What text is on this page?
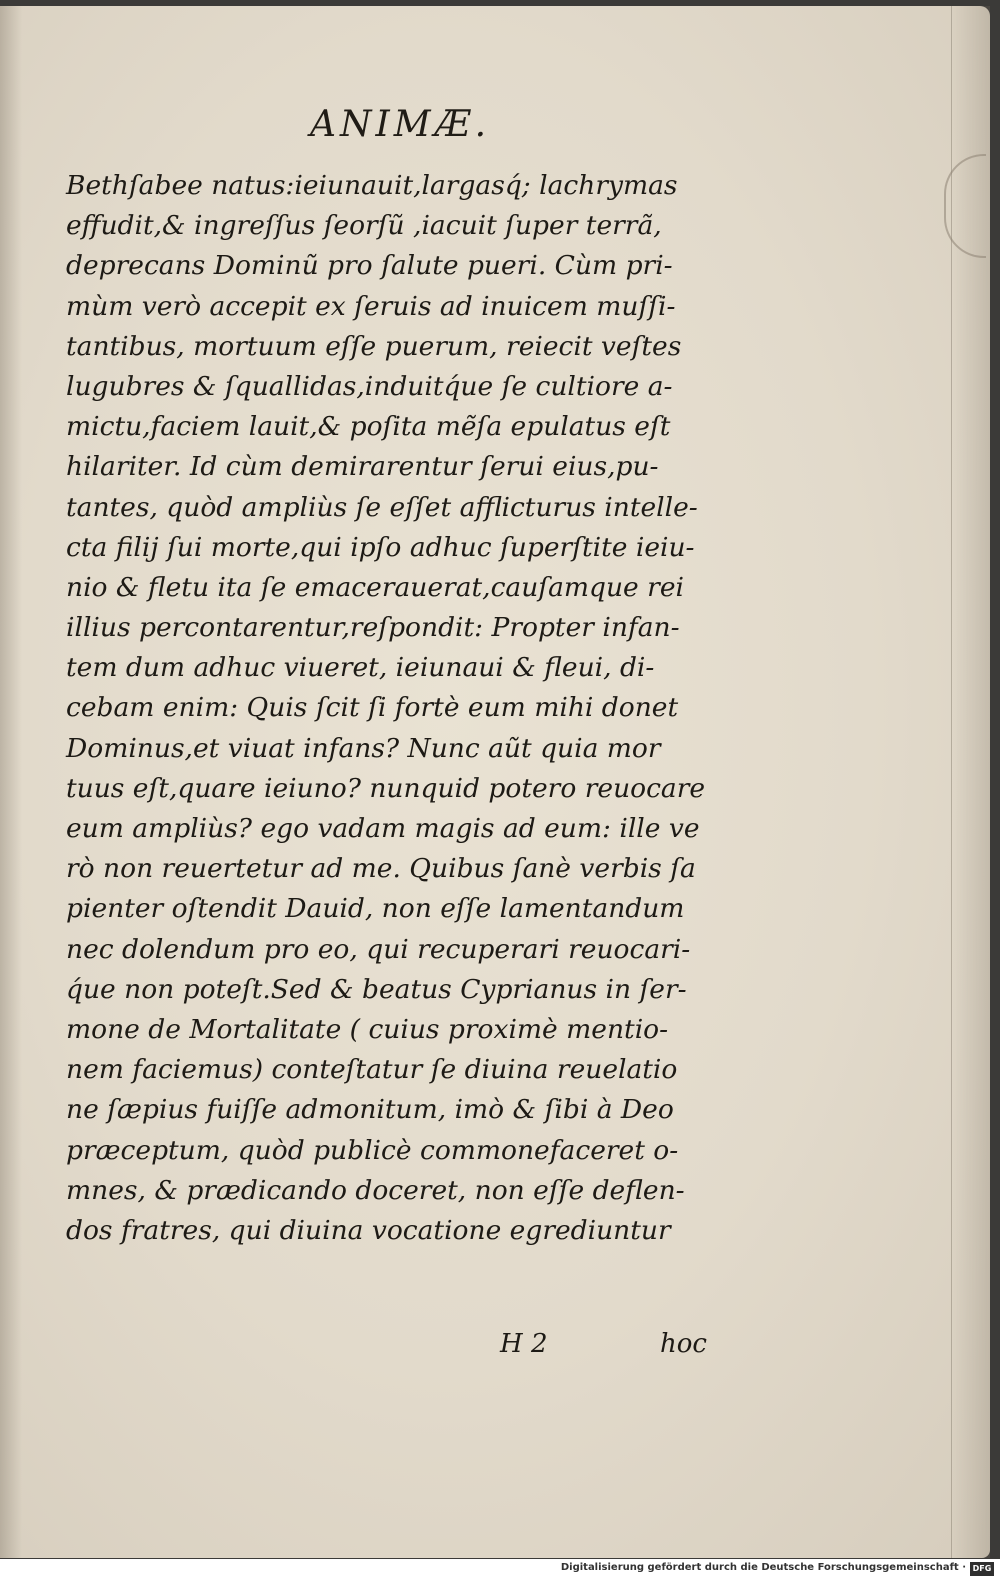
ANIMÆ.
Bethſabee natus:ieiunauit,largasq́; lachrymas
effudit,& ingreſſus ſeorſũ ,iacuit ſuper terrã,
deprecans Dominũ pro ſalute pueri. Cùm pri-
mùm verò accepit ex ſeruis ad inuicem muſſi-
tantibus, mortuum eſſe puerum, reiecit veſtes
lugubres & ſquallidas,induitq́ue ſe cultiore a-
mictu,faciem lauit,& poſita mẽſa epulatus eſt
hilariter. Id cùm demirarentur ſerui eius,pu-
tantes, quòd ampliùs ſe eſſet afflicturus intelle-
cta filij ſui morte,qui ipſo adhuc ſuperſtite ieiu-
nio & fletu ita ſe emacerauerat,cauſamque rei
illius percontarentur,reſpondit: Propter infan-
tem dum adhuc viueret, ieiunaui & fleui, di-
cebam enim: Quis ſcit ſi fortè eum mihi donet
Dominus,et viuat infans? Nunc aũt quia mor
tuus eſt,quare ieiuno? nunquid potero reuocare
eum ampliùs? ego vadam magis ad eum: ille ve
rò non reuertetur ad me. Quibus ſanè verbis ſa
pienter oſtendit Dauid, non eſſe lamentandum
nec dolendum pro eo, qui recuperari reuocari-
q́ue non poteſt.Sed & beatus Cyprianus in ſer-
mone de Mortalitate ( cuius proximè mentio-
nem faciemus) conteſtatur ſe diuina reuelatio
ne ſæpius fuiſſe admonitum, imò & ſibi à Deo
præceptum, quòd publicè commonefaceret o-
mnes, & prædicando doceret, non eſſe deflen-
dos fratres, qui diuina vocatione egrediuntur
H 2	hoc
Digitalisierung gefördert durch die Deutsche Forschungsgemeinschaft · DFG
